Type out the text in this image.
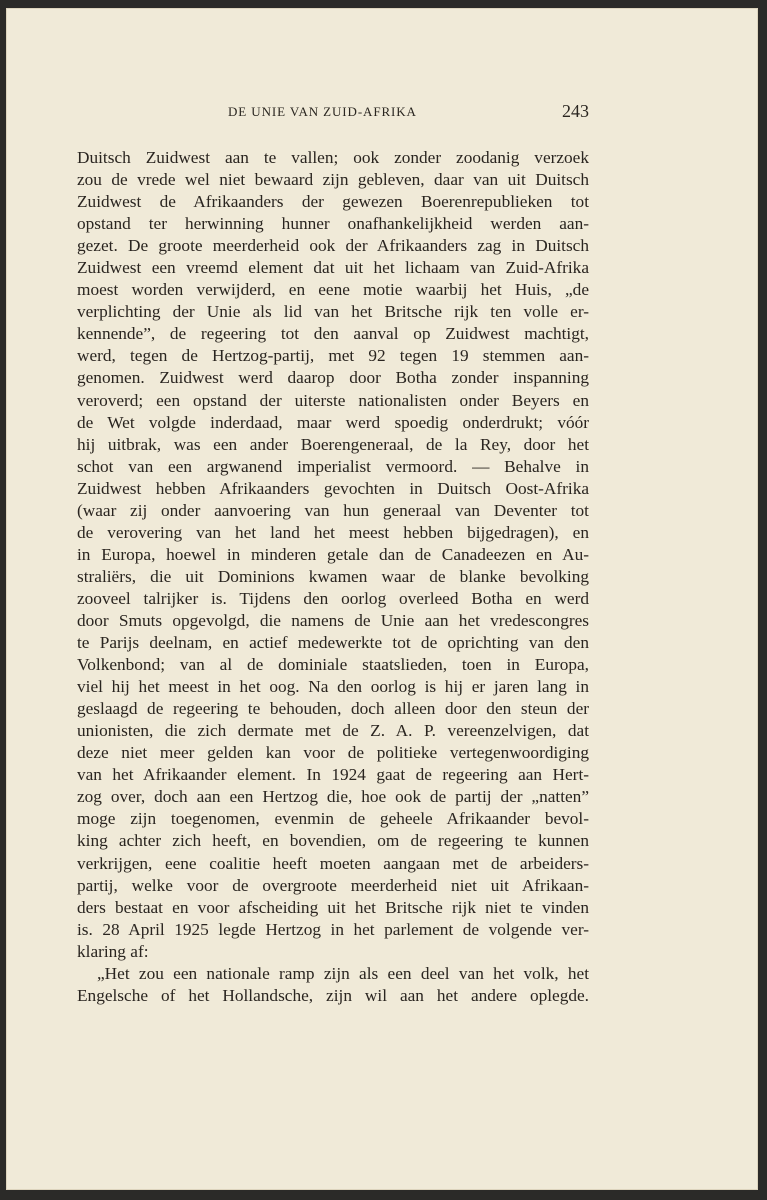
DE UNIE VAN ZUID-AFRIKA	243
Duitsch Zuidwest aan te vallen; ook zonder zoodanig verzoek
zou de vrede wel niet bewaard zijn gebleven, daar van uit Duitsch
Zuidwest de Afrikaanders der gewezen Boerenrepublieken tot
opstand ter herwinning hunner onafhankelijkheid werden aan-
gezet. De groote meerderheid ook der Afrikaanders zag in Duitsch
Zuidwest een vreemd element dat uit het lichaam van Zuid-Afrika
moest worden verwijderd, en eene motie waarbij het Huis, „de
verplichting der Unie als lid van het Britsche rijk ten volle er-
kennende”, de regeering tot den aanval op Zuidwest machtigt,
werd, tegen de Hertzog-partij, met 92 tegen 19 stemmen aan-
genomen. Zuidwest werd daarop door Botha zonder inspanning
veroverd; een opstand der uiterste nationalisten onder Beyers en
de Wet volgde inderdaad, maar werd spoedig onderdrukt; vóór
hij uitbrak, was een ander Boerengeneraal, de la Rey, door het
schot van een argwanend imperialist vermoord. — Behalve in
Zuidwest hebben Afrikaanders gevochten in Duitsch Oost-Afrika
(waar zij onder aanvoering van hun generaal van Deventer tot
de verovering van het land het meest hebben bijgedragen), en
in Europa, hoewel in minderen getale dan de Canadeezen en Au-
straliërs, die uit Dominions kwamen waar de blanke bevolking
zooveel talrijker is. Tijdens den oorlog overleed Botha en werd
door Smuts opgevolgd, die namens de Unie aan het vredescongres
te Parijs deelnam, en actief medewerkte tot de oprichting van den
Volkenbond; van al de dominiale staatslieden, toen in Europa,
viel hij het meest in het oog. Na den oorlog is hij er jaren lang in
geslaagd de regeering te behouden, doch alleen door den steun der
unionisten, die zich dermate met de Z. A. P. vereenzelvigen, dat
deze niet meer gelden kan voor de politieke vertegenwoordiging
van het Afrikaander element. In 1924 gaat de regeering aan Hert-
zog over, doch aan een Hertzog die, hoe ook de partij der „natten”
moge zijn toegenomen, evenmin de geheele Afrikaander bevol-
king achter zich heeft, en bovendien, om de regeering te kunnen
verkrijgen, eene coalitie heeft moeten aangaan met de arbeiders-
partij, welke voor de overgroote meerderheid niet uit Afrikaan-
ders bestaat en voor afscheiding uit het Britsche rijk niet te vinden
is. 28 April 1925 legde Hertzog in het parlement de volgende ver-
klaring af:
„Het zou een nationale ramp zijn als een deel van het volk, het
Engelsche of het Hollandsche, zijn wil aan het andere oplegde.
